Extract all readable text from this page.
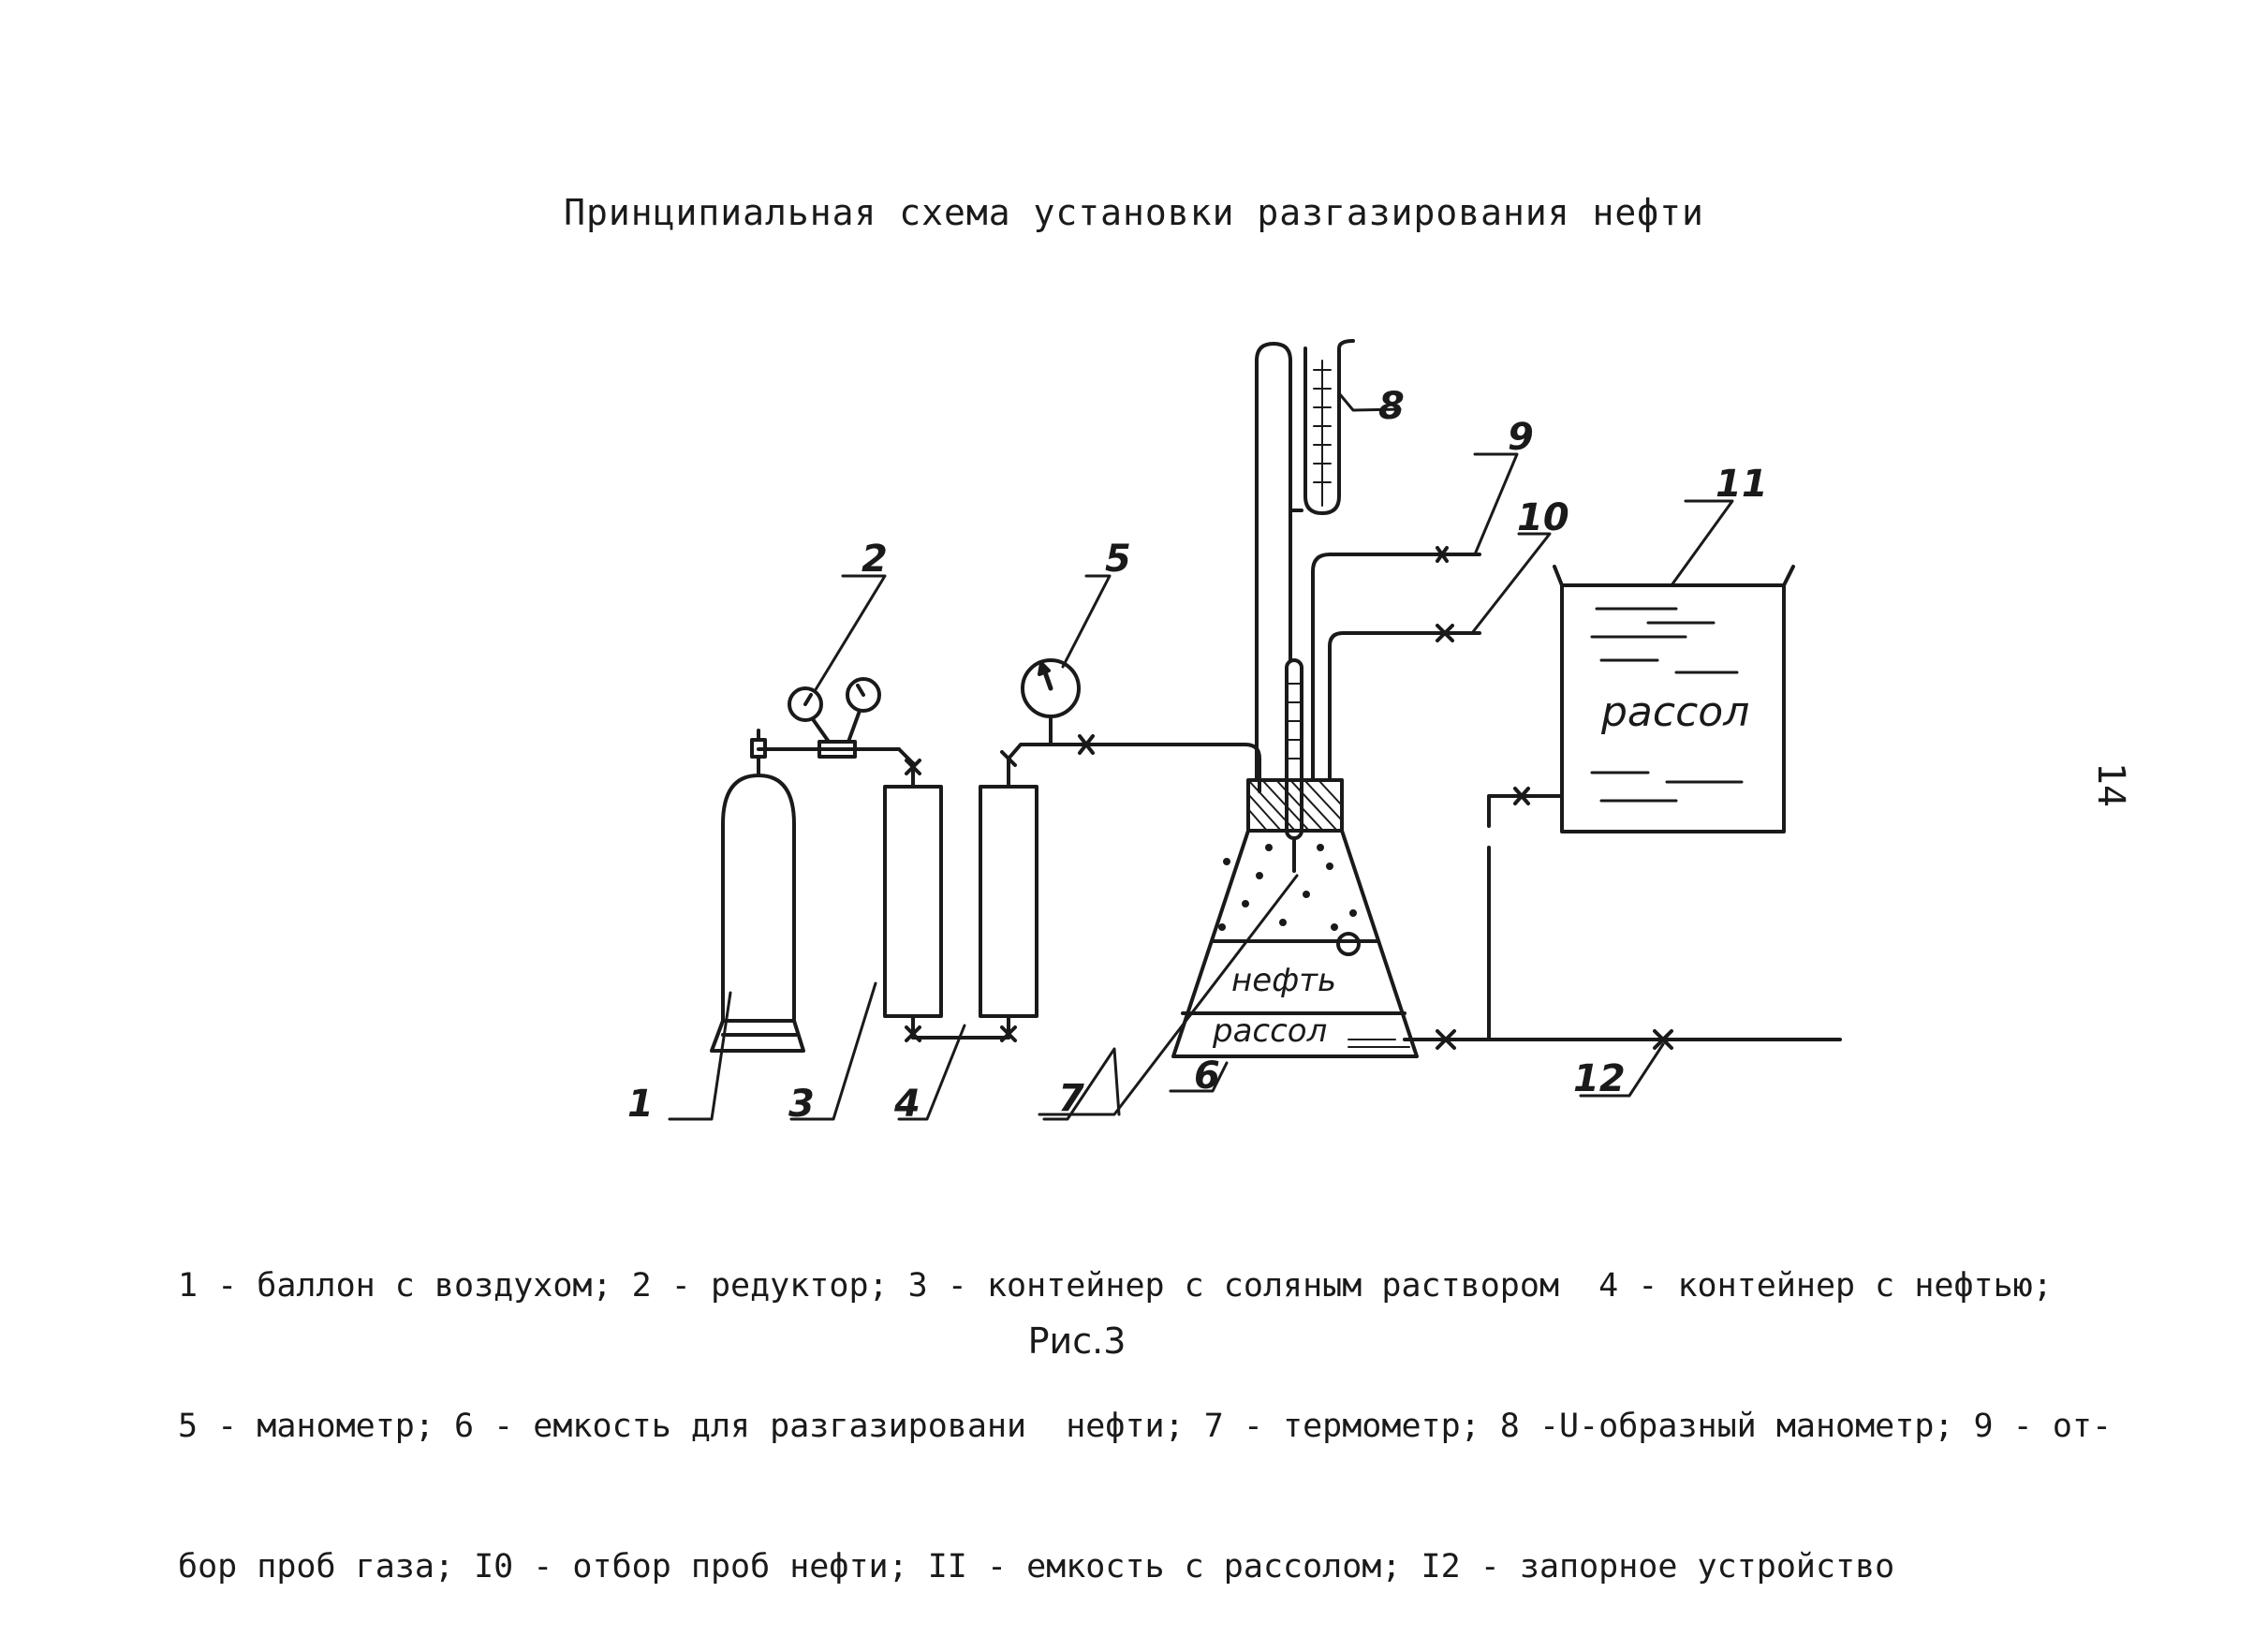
Принципиальная схема установки разгазирования нефти
14
1
2
3 4
5
6
7
8
9
10
11
12
нефть
рассол
рассол

1 - баллон с воздухом; 2 - редуктор; 3 - контейнер с соляным раствором  4 - контейнер с нефтью;

5 - манометр; 6 - емкость для разгазировани  нефти; 7 - термометр; 8 -U-образный манометр; 9 - от-

бор проб газа; I0 - отбор проб нефти; II - емкость с рассолом; I2 - запорное устройство

Рис.3
